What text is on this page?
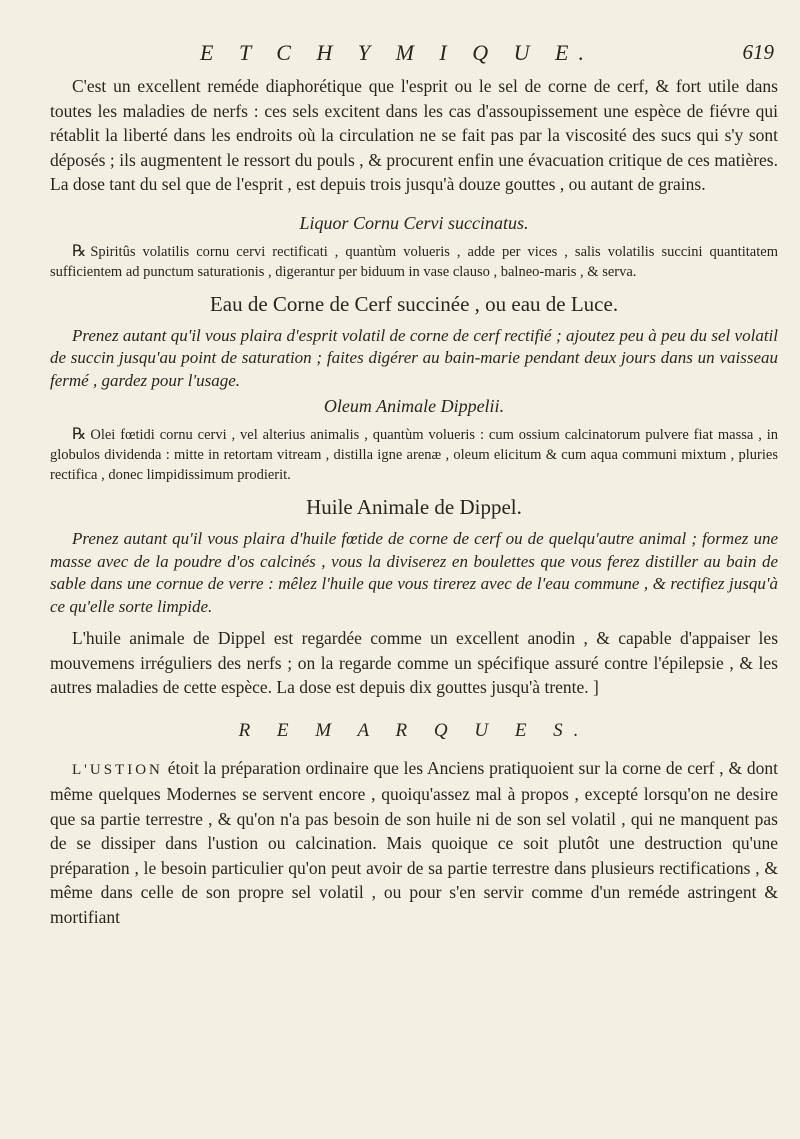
E T C H Y M I Q U E.	619

C'est un excellent reméde diaphorétique que l'esprit ou le sel de corne de cerf, & fort utile dans toutes les maladies de nerfs : ces sels excitent dans les cas d'assoupissement une espèce de fiévre qui rétablit la liberté dans les endroits où la circulation ne se fait pas par la viscosité des sucs qui s'y sont déposés ; ils augmentent le ressort du pouls , & procurent enfin une évacuation critique de ces matières. La dose tant du sel que de l'esprit , est depuis trois jusqu'à douze gouttes , ou autant de grains.

Liquor Cornu Cervi succinatus.

℞ Spiritûs volatilis cornu cervi rectificati , quantùm volueris , adde per vices , salis volatilis succini quantitatem sufficientem ad punctum saturationis , digerantur per biduum in vase clauso , balneo-maris , & serva.

Eau de Corne de Cerf succinée , ou eau de Luce.

Prenez autant qu'il vous plaira d'esprit volatil de corne de cerf rectifié ; ajoutez peu à peu du sel volatil de succin jusqu'au point de saturation ; faites digérer au bain-marie pendant deux jours dans un vaisseau fermé , gardez pour l'usage.

Oleum Animale Dippelii.

℞ Olei fœtidi cornu cervi , vel alterius animalis , quantùm volueris : cum ossium calcinatorum pulvere fiat massa , in globulos dividenda : mitte in retortam vitream , distilla igne arenæ , oleum elicitum & cum aqua communi mixtum , pluries rectifica , donec limpidissimum prodierit.

Huile Animale de Dippel.

Prenez autant qu'il vous plaira d'huile fœtide de corne de cerf ou de quelqu'autre animal ; formez une masse avec de la poudre d'os calcinés , vous la diviserez en boulettes que vous ferez distiller au bain de sable dans une cornue de verre : mêlez l'huile que vous tirerez avec de l'eau commune , & rectifiez jusqu'à ce qu'elle sorte limpide.

L'huile animale de Dippel est regardée comme un excellent anodin , & capable d'appaiser les mouvemens irréguliers des nerfs ; on la regarde comme un spécifique assuré contre l'épilepsie , & les autres maladies de cette espèce. La dose est depuis dix gouttes jusqu'à trente. ]

R E M A R Q U E S.

L'USTION étoit la préparation ordinaire que les Anciens pratiquoient sur la corne de cerf , & dont même quelques Modernes se servent encore , quoiqu'assez mal à propos , excepté lorsqu'on ne desire que sa partie terrestre , & qu'on n'a pas besoin de son huile ni de son sel volatil , qui ne manquent pas de se dissiper dans l'ustion ou calcination. Mais quoique ce soit plutôt une destruction qu'une préparation , le besoin particulier qu'on peut avoir de sa partie terrestre dans plusieurs rectifications , & même dans celle de son propre sel volatil , ou pour s'en servir comme d'un reméde astringent & mortifiant
